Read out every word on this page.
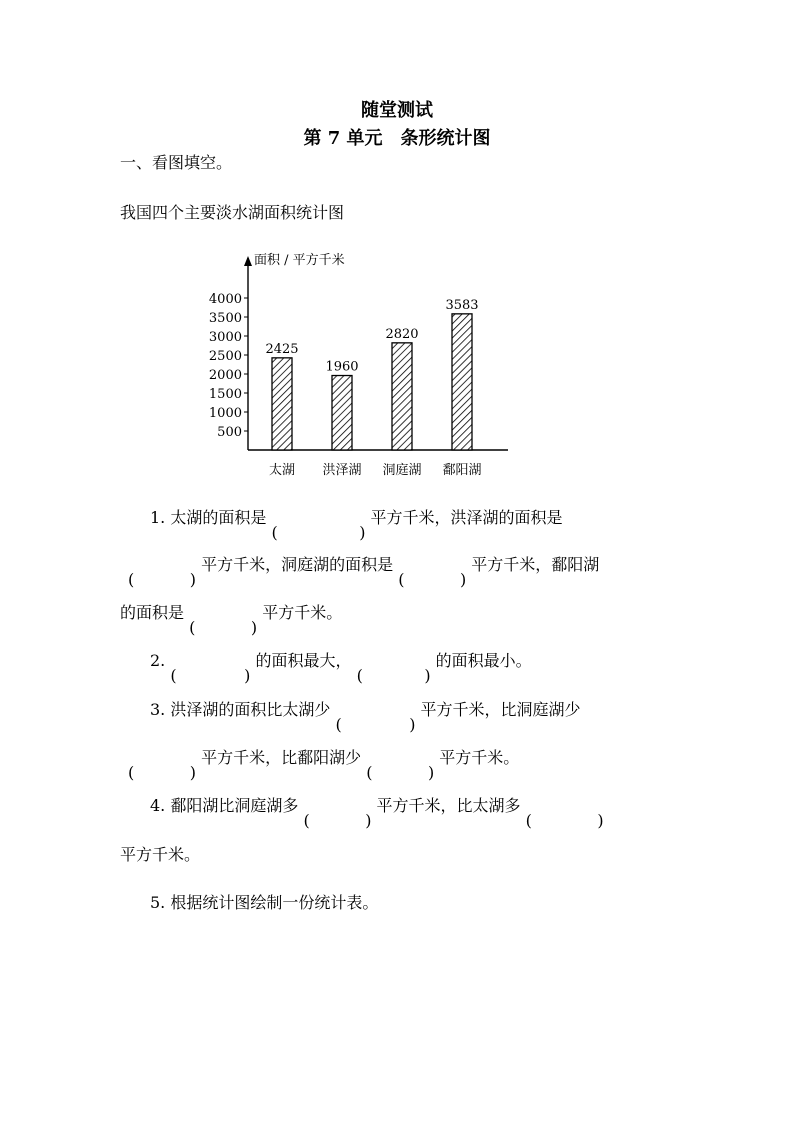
随堂测试
第 7 单元　条形统计图
一、看图填空。
我国四个主要淡水湖面积统计图
面积 / 平方千米
500
1000
1500
2000
2500
3000
3500
4000
2425
太湖
1960
洪泽湖
2820
洞庭湖
3583
鄱阳湖
1. 太湖的面积是	平方千米，洪泽湖的面积是
平方千米，洞庭湖的面积是	平方千米，鄱阳湖
的面积是	平方千米。
2.	的面积最大，	的面积最小。
3. 洪泽湖的面积比太湖少	平方千米，比洞庭湖少
平方千米，比鄱阳湖少	平方千米。
4. 鄱阳湖比洞庭湖多	平方千米，比太湖多
平方千米。
5. 根据统计图绘制一份统计表。
